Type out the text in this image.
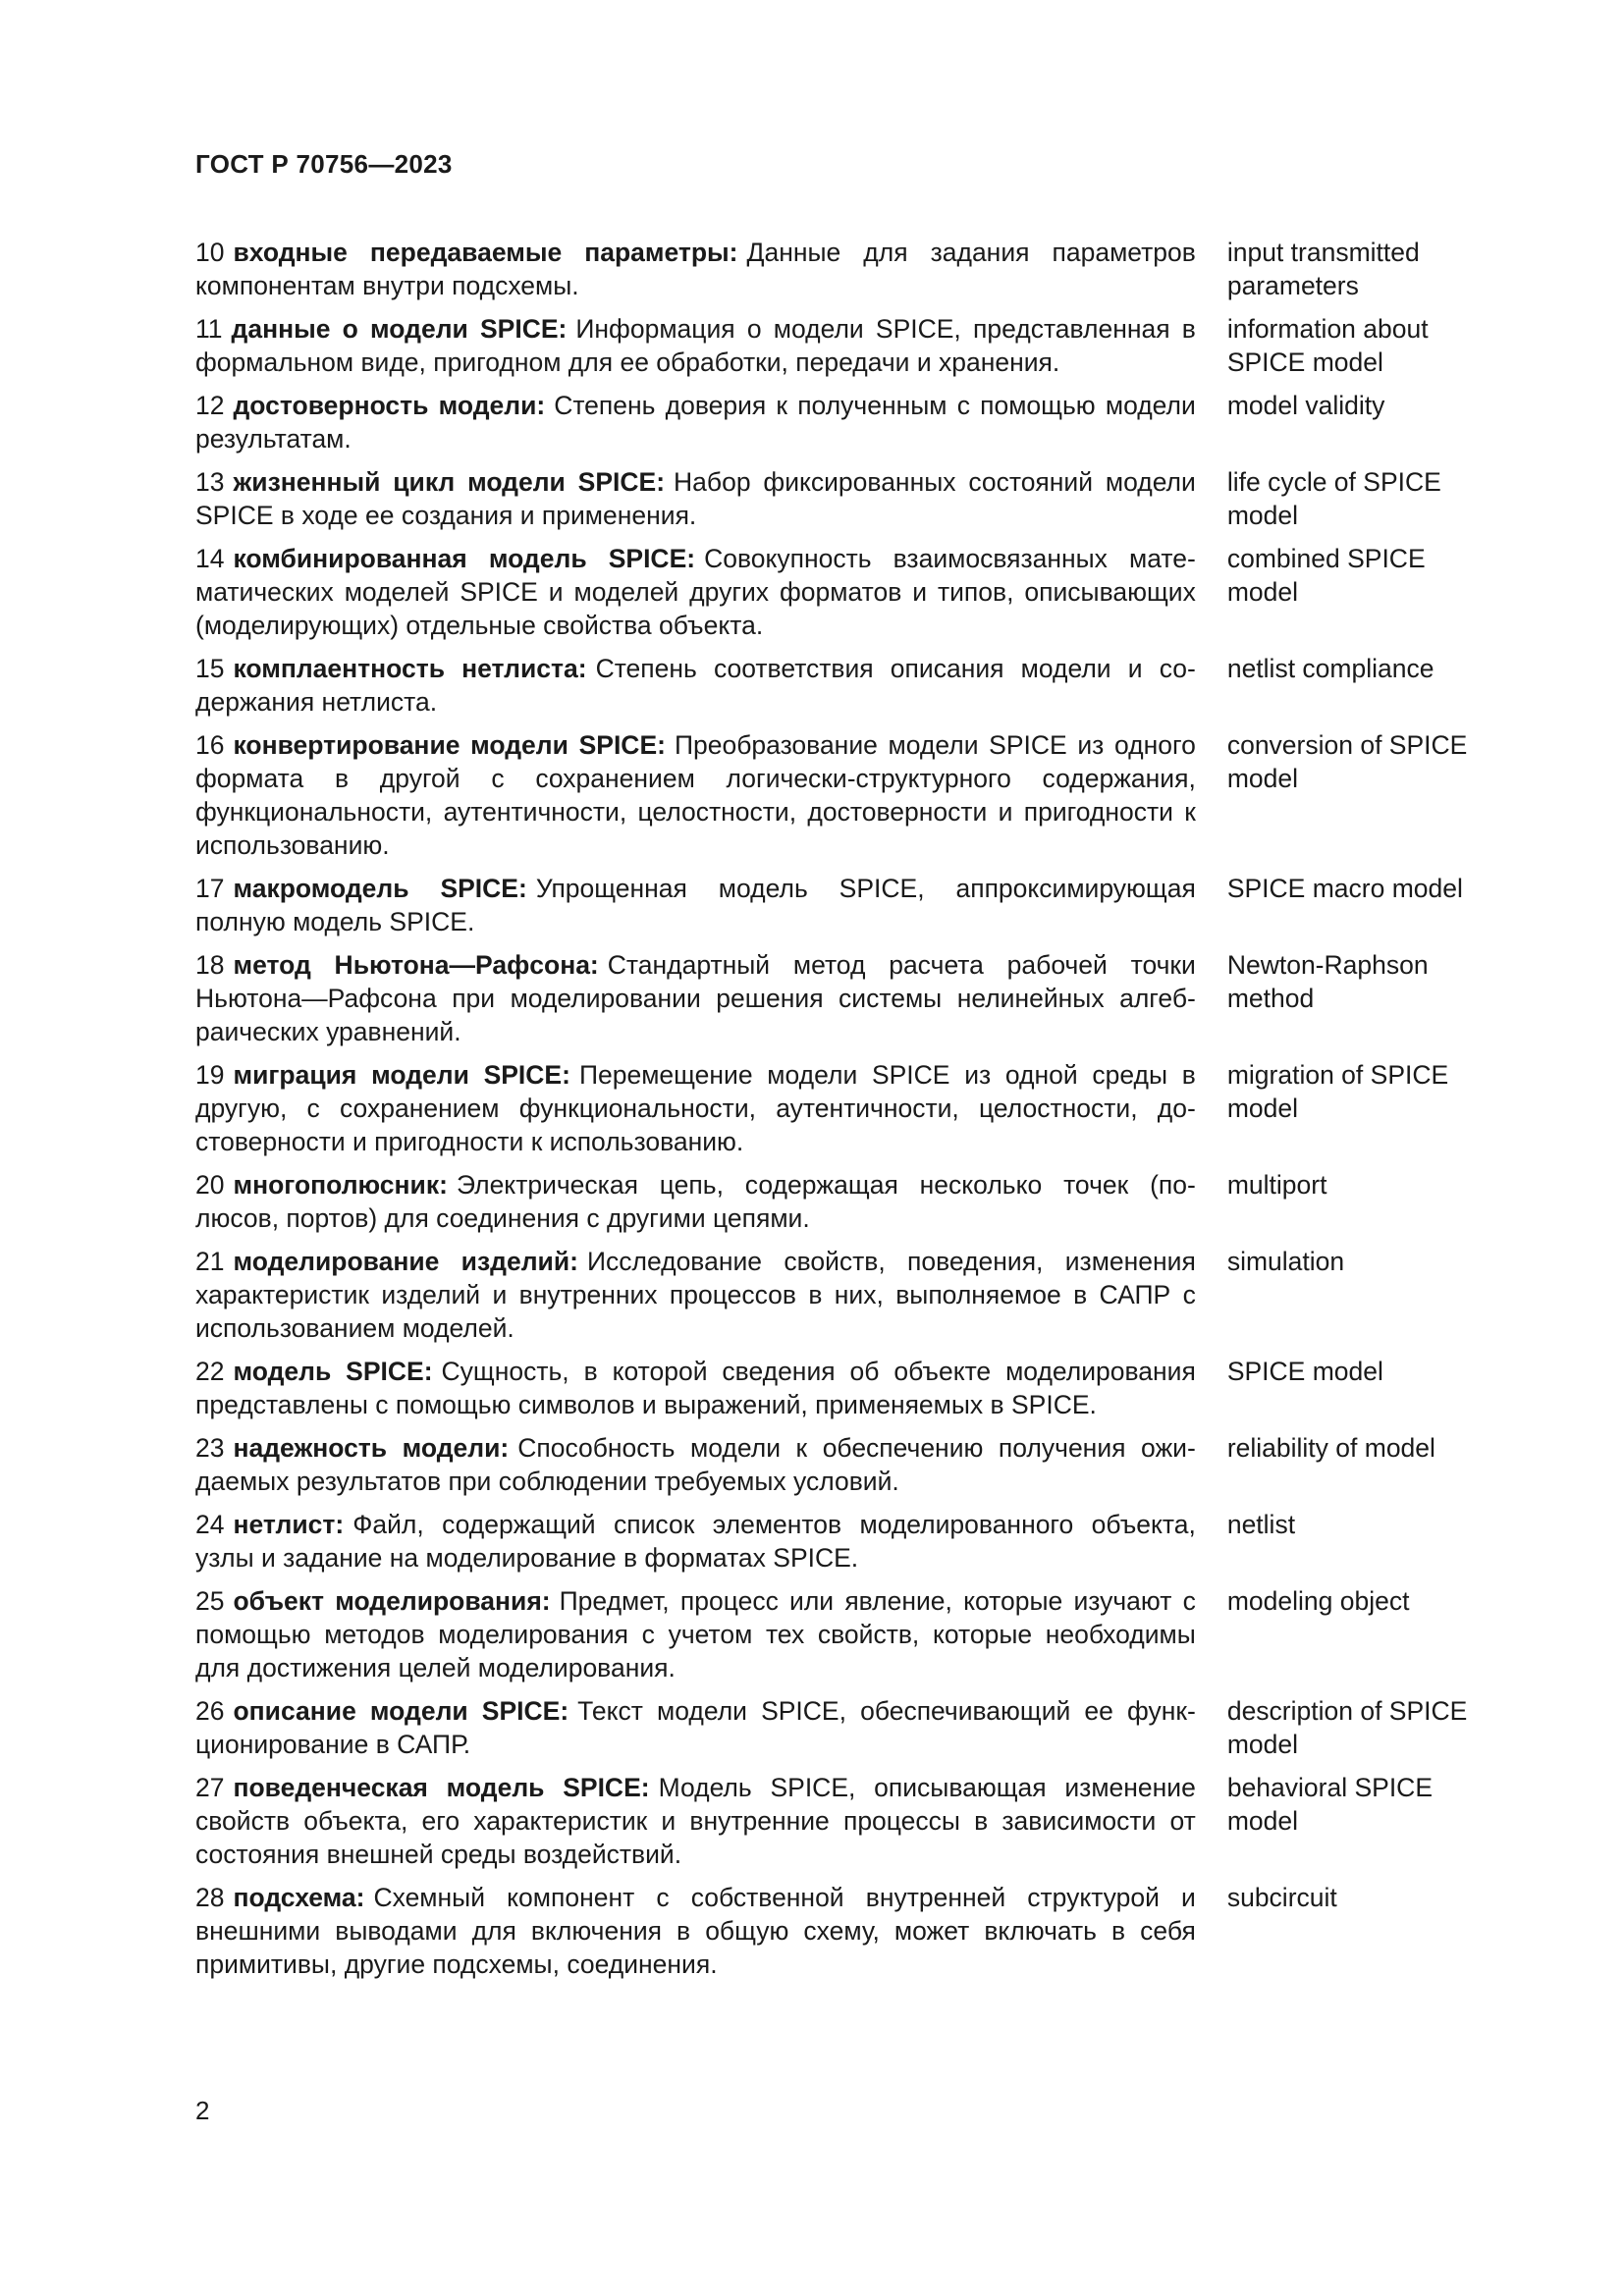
ГОСТ Р 70756—2023
10 входные передаваемые параметры: Данные для задания параметров компонентам внутри подсхемы.
input transmitted parameters
11 данные о модели SPICE: Информация о модели SPICE, представленная в формальном виде, пригодном для ее обработки, передачи и хранения.
information about SPICE model
12 достоверность модели: Степень доверия к полученным с помощью модели результатам.
model validity
13 жизненный цикл модели SPICE: Набор фиксированных состояний модели SPICE в ходе ее создания и применения.
life cycle of SPICE model
14 комбинированная модель SPICE: Совокупность взаимосвязанных математических моделей SPICE и моделей других форматов и типов, описывающих (моделирующих) отдельные свойства объекта.
combined SPICE model
15 комплаентность нетлиста: Степень соответствия описания модели и содержания нетлиста.
netlist compliance
16 конвертирование модели SPICE: Преобразование модели SPICE из одного формата в другой с сохранением логически-структурного содержания, функциональности, аутентичности, целостности, достоверности и пригодности к использованию.
conversion of SPICE model
17 макромодель SPICE: Упрощенная модель SPICE, аппроксимирующая полную модель SPICE.
SPICE macro model
18 метод Ньютона—Рафсона: Стандартный метод расчета рабочей точки Ньютона—Рафсона при моделировании решения системы нелинейных алгебраических уравнений.
Newton-Raphson method
19 миграция модели SPICE: Перемещение модели SPICE из одной среды в другую, с сохранением функциональности, аутентичности, целостности, достоверности и пригодности к использованию.
migration of SPICE model
20 многополюсник: Электрическая цепь, содержащая несколько точек (полюсов, портов) для соединения с другими цепями.
multiport
21 моделирование изделий: Исследование свойств, поведения, изменения характеристик изделий и внутренних процессов в них, выполняемое в САПР с использованием моделей.
simulation
22 модель SPICE: Сущность, в которой сведения об объекте моделирования представлены с помощью символов и выражений, применяемых в SPICE.
SPICE model
23 надежность модели: Способность модели к обеспечению получения ожидаемых результатов при соблюдении требуемых условий.
reliability of model
24 нетлист: Файл, содержащий список элементов моделированного объекта, узлы и задание на моделирование в форматах SPICE.
netlist
25 объект моделирования: Предмет, процесс или явление, которые изучают с помощью методов моделирования с учетом тех свойств, которые необходимы для достижения целей моделирования.
modeling object
26 описание модели SPICE: Текст модели SPICE, обеспечивающий ее функционирование в САПР.
description of SPICE model
27 поведенческая модель SPICE: Модель SPICE, описывающая изменение свойств объекта, его характеристик и внутренние процессы в зависимости от состояния внешней среды воздействий.
behavioral SPICE model
28 подсхема: Схемный компонент с собственной внутренней структурой и внешними выводами для включения в общую схему, может включать в себя примитивы, другие подсхемы, соединения.
subcircuit
2
